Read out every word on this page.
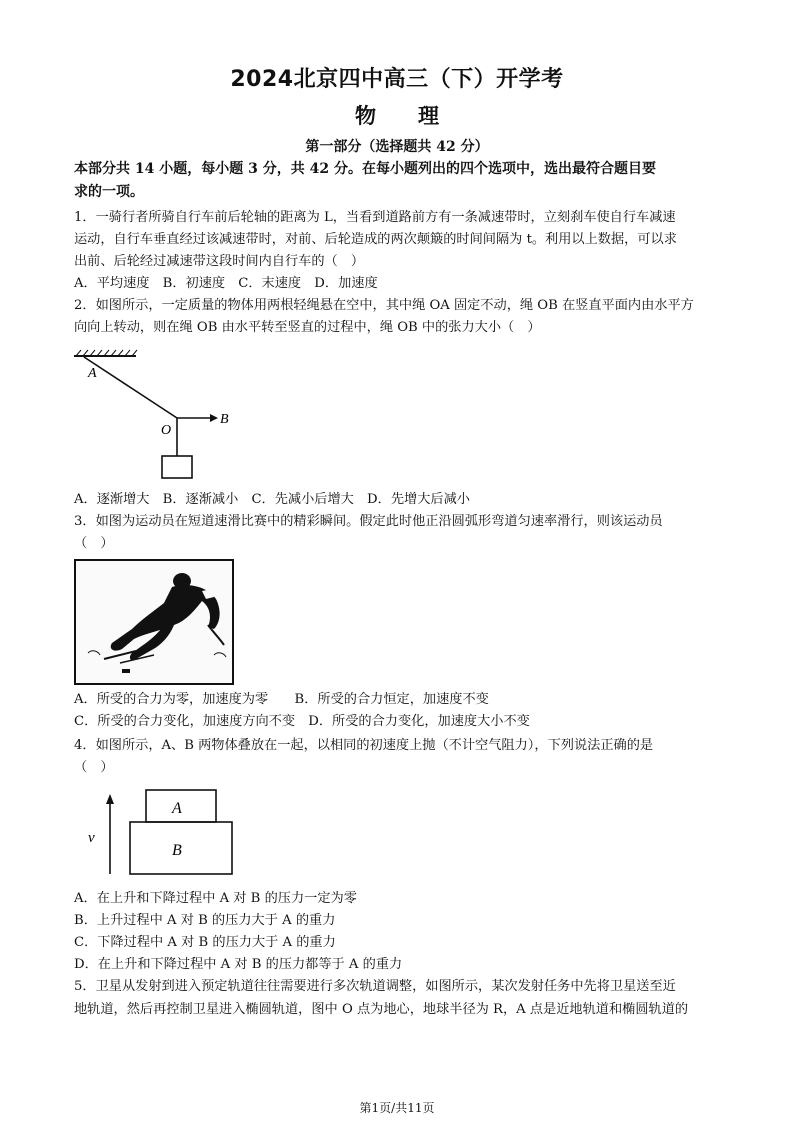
2024北京四中高三（下）开学考
物　　理
第一部分（选择题共 42 分）
本部分共 14 小题，每小题 3 分，共 42 分。在每小题列出的四个选项中，选出最符合题目要
求的一项。
1．一骑行者所骑自行车前后轮轴的距离为 L，当看到道路前方有一条减速带时，立刻刹车使自行车减速
运动，自行车垂直经过该减速带时，对前、后轮造成的两次颠簸的时间间隔为 t。利用以上数据，可以求
出前、后轮经过减速带这段时间内自行车的（　）
A．平均速度　B．初速度　C．末速度　D．加速度
2．如图所示，一定质量的物体用两根轻绳悬在空中，其中绳 OA 固定不动，绳 OB 在竖直平面内由水平方
向向上转动，则在绳 OB 由水平转至竖直的过程中，绳 OB 中的张力大小（　）
A
O
B
A．逐渐增大　B．逐渐减小　C．先减小后增大　D．先增大后减小
3．如图为运动员在短道速滑比赛中的精彩瞬间。假定此时他正沿圆弧形弯道匀速率滑行，则该运动员
（　）
A．所受的合力为零，加速度为零　　B．所受的合力恒定，加速度不变
C．所受的合力变化，加速度方向不变　D．所受的合力变化，加速度大小不变
4．如图所示，A、B 两物体叠放在一起，以相同的初速度上抛（不计空气阻力），下列说法正确的是
（　）
v
A
B
A．在上升和下降过程中 A 对 B 的压力一定为零
B．上升过程中 A 对 B 的压力大于 A 的重力
C．下降过程中 A 对 B 的压力大于 A 的重力
D．在上升和下降过程中 A 对 B 的压力都等于 A 的重力
5．卫星从发射到进入预定轨道往往需要进行多次轨道调整，如图所示，某次发射任务中先将卫星送至近
地轨道，然后再控制卫星进入椭圆轨道，图中 O 点为地心，地球半径为 R，A 点是近地轨道和椭圆轨道的
第1页/共11页
